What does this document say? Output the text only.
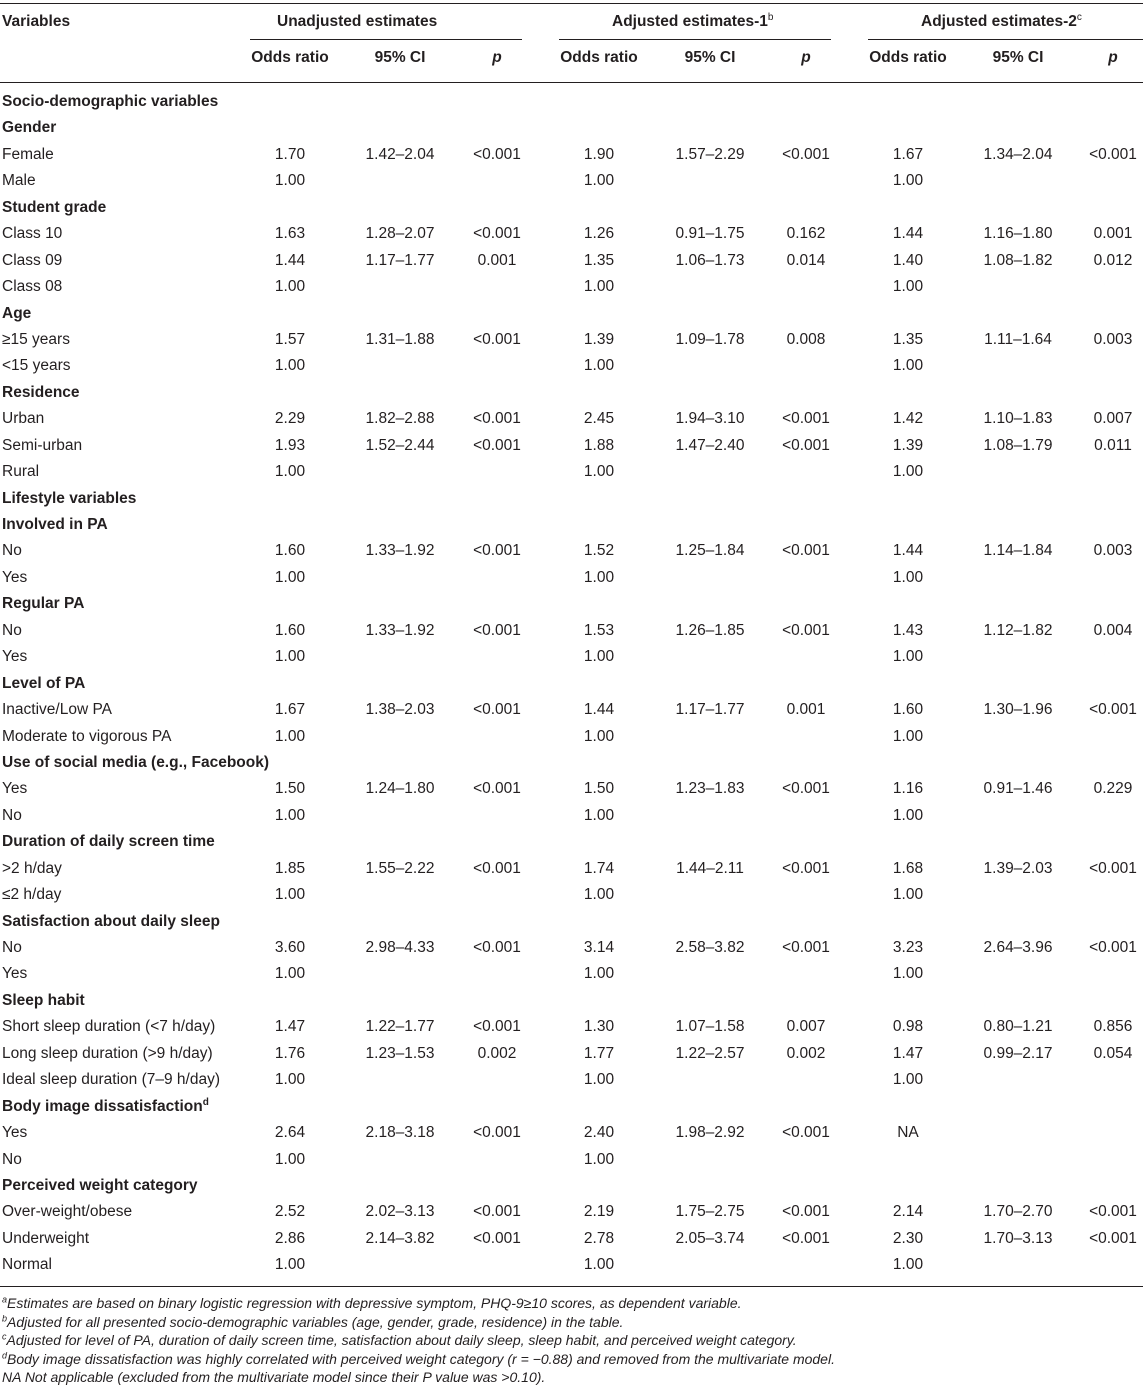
Variables	Unadjusted estimates	Adjusted estimates-1$^b$	Adjusted estimates-2$^c$
Odds ratio	95% CI	p	Odds ratio	95% CI	p	Odds ratio	95% CI	p
Socio-demographic variables
Gender
Female	1.70	1.42–2.04	<0.001	1.90	1.57–2.29	<0.001	1.67	1.34–2.04	<0.001
Male	1.00	1.00	1.00
Student grade
Class 10	1.63	1.28–2.07	<0.001	1.26	0.91–1.75	0.162	1.44	1.16–1.80	0.001
Class 09	1.44	1.17–1.77	0.001	1.35	1.06–1.73	0.014	1.40	1.08–1.82	0.012
Class 08	1.00	1.00	1.00
Age
≥15 years	1.57	1.31–1.88	<0.001	1.39	1.09–1.78	0.008	1.35	1.11–1.64	0.003
<15 years	1.00	1.00	1.00
Residence
Urban	2.29	1.82–2.88	<0.001	2.45	1.94–3.10	<0.001	1.42	1.10–1.83	0.007
Semi-urban	1.93	1.52–2.44	<0.001	1.88	1.47–2.40	<0.001	1.39	1.08–1.79	0.011
Rural	1.00	1.00	1.00
Lifestyle variables
Involved in PA
No	1.60	1.33–1.92	<0.001	1.52	1.25–1.84	<0.001	1.44	1.14–1.84	0.003
Yes	1.00	1.00	1.00
Regular PA
No	1.60	1.33–1.92	<0.001	1.53	1.26–1.85	<0.001	1.43	1.12–1.82	0.004
Yes	1.00	1.00	1.00
Level of PA
Inactive/Low PA	1.67	1.38–2.03	<0.001	1.44	1.17–1.77	0.001	1.60	1.30–1.96	<0.001
Moderate to vigorous PA	1.00	1.00	1.00
Use of social media (e.g., Facebook)
Yes	1.50	1.24–1.80	<0.001	1.50	1.23–1.83	<0.001	1.16	0.91–1.46	0.229
No	1.00	1.00	1.00
Duration of daily screen time
>2 h/day	1.85	1.55–2.22	<0.001	1.74	1.44–2.11	<0.001	1.68	1.39–2.03	<0.001
≤2 h/day	1.00	1.00	1.00
Satisfaction about daily sleep
No	3.60	2.98–4.33	<0.001	3.14	2.58–3.82	<0.001	3.23	2.64–3.96	<0.001
Yes	1.00	1.00	1.00
Sleep habit
Short sleep duration (<7 h/day)	1.47	1.22–1.77	<0.001	1.30	1.07–1.58	0.007	0.98	0.80–1.21	0.856
Long sleep duration (>9 h/day)	1.76	1.23–1.53	0.002	1.77	1.22–2.57	0.002	1.47	0.99–2.17	0.054
Ideal sleep duration (7–9 h/day)	1.00	1.00	1.00
Body image dissatisfaction$^d$
Yes	2.64	2.18–3.18	<0.001	2.40	1.98–2.92	<0.001	NA
No	1.00	1.00
Perceived weight category
Over-weight/obese	2.52	2.02–3.13	<0.001	2.19	1.75–2.75	<0.001	2.14	1.70–2.70	<0.001
Underweight	2.86	2.14–3.82	<0.001	2.78	2.05–3.74	<0.001	2.30	1.70–3.13	<0.001
Normal	1.00	1.00	1.00
$^a$Estimates are based on binary logistic regression with depressive symptom, PHQ-9≥10 scores, as dependent variable.
$^b$Adjusted for all presented socio-demographic variables (age, gender, grade, residence) in the table.
$^c$Adjusted for level of PA, duration of daily screen time, satisfaction about daily sleep, sleep habit, and perceived weight category.
$^d$Body image dissatisfaction was highly correlated with perceived weight category (r = −0.88) and removed from the multivariate model.
NA Not applicable (excluded from the multivariate model since their P value was >0.10).
